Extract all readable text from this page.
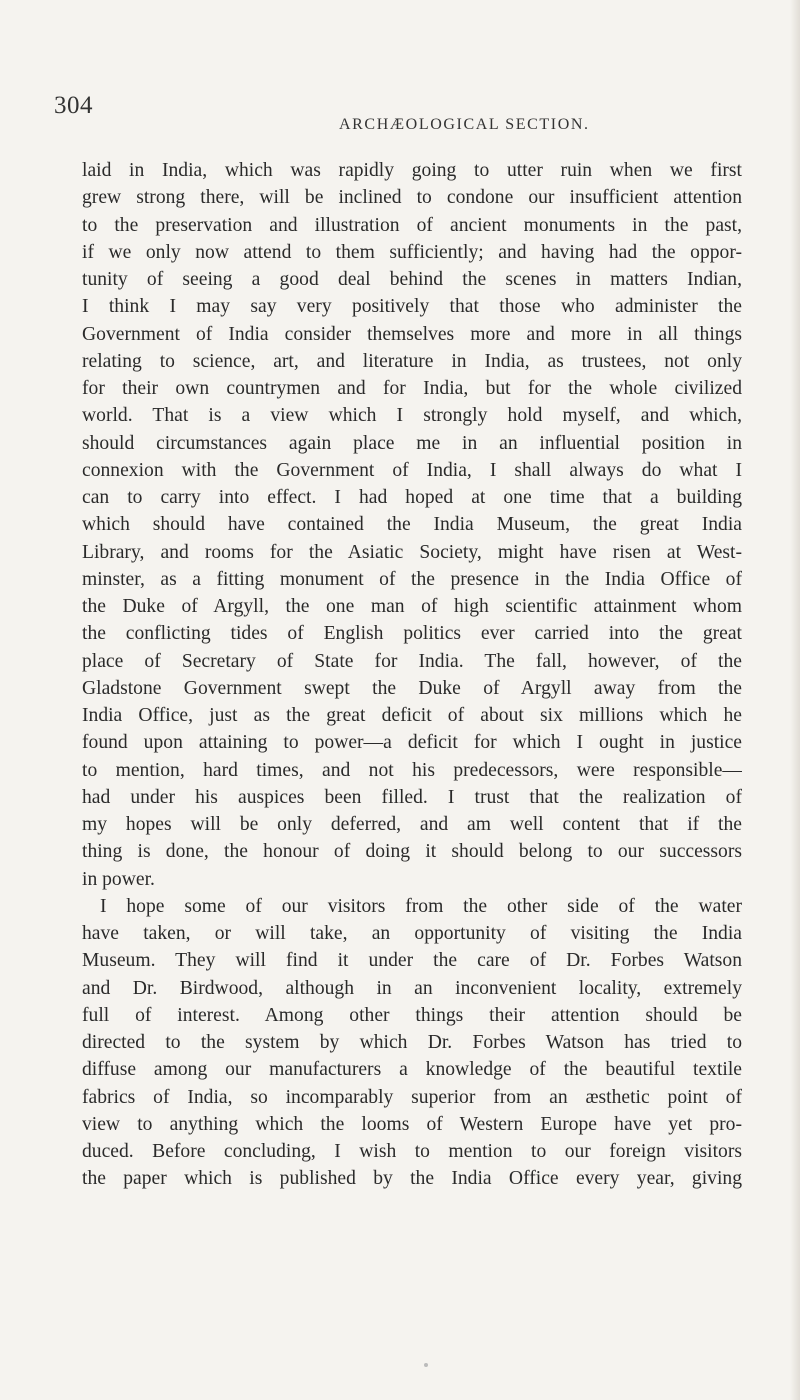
304
ARCHÆOLOGICAL SECTION.
laid in India, which was rapidly going to utter ruin when we first
grew strong there, will be inclined to condone our insufficient attention
to the preservation and illustration of ancient monuments in the past,
if we only now attend to them sufficiently; and having had the oppor-
tunity of seeing a good deal behind the scenes in matters Indian,
I think I may say very positively that those who administer the
Government of India consider themselves more and more in all things
relating to science, art, and literature in India, as trustees, not only
for their own countrymen and for India, but for the whole civilized
world. That is a view which I strongly hold myself, and which,
should circumstances again place me in an influential position in
connexion with the Government of India, I shall always do what I
can to carry into effect. I had hoped at one time that a building
which should have contained the India Museum, the great India
Library, and rooms for the Asiatic Society, might have risen at West-
minster, as a fitting monument of the presence in the India Office of
the Duke of Argyll, the one man of high scientific attainment whom
the conflicting tides of English politics ever carried into the great
place of Secretary of State for India. The fall, however, of the
Gladstone Government swept the Duke of Argyll away from the
India Office, just as the great deficit of about six millions which he
found upon attaining to power—a deficit for which I ought in justice
to mention, hard times, and not his predecessors, were responsible—
had under his auspices been filled. I trust that the realization of
my hopes will be only deferred, and am well content that if the
thing is done, the honour of doing it should belong to our successors
in power.
I hope some of our visitors from the other side of the water
have taken, or will take, an opportunity of visiting the India
Museum. They will find it under the care of Dr. Forbes Watson
and Dr. Birdwood, although in an inconvenient locality, extremely
full of interest. Among other things their attention should be
directed to the system by which Dr. Forbes Watson has tried to
diffuse among our manufacturers a knowledge of the beautiful textile
fabrics of India, so incomparably superior from an æsthetic point of
view to anything which the looms of Western Europe have yet pro-
duced. Before concluding, I wish to mention to our foreign visitors
the paper which is published by the India Office every year, giving
